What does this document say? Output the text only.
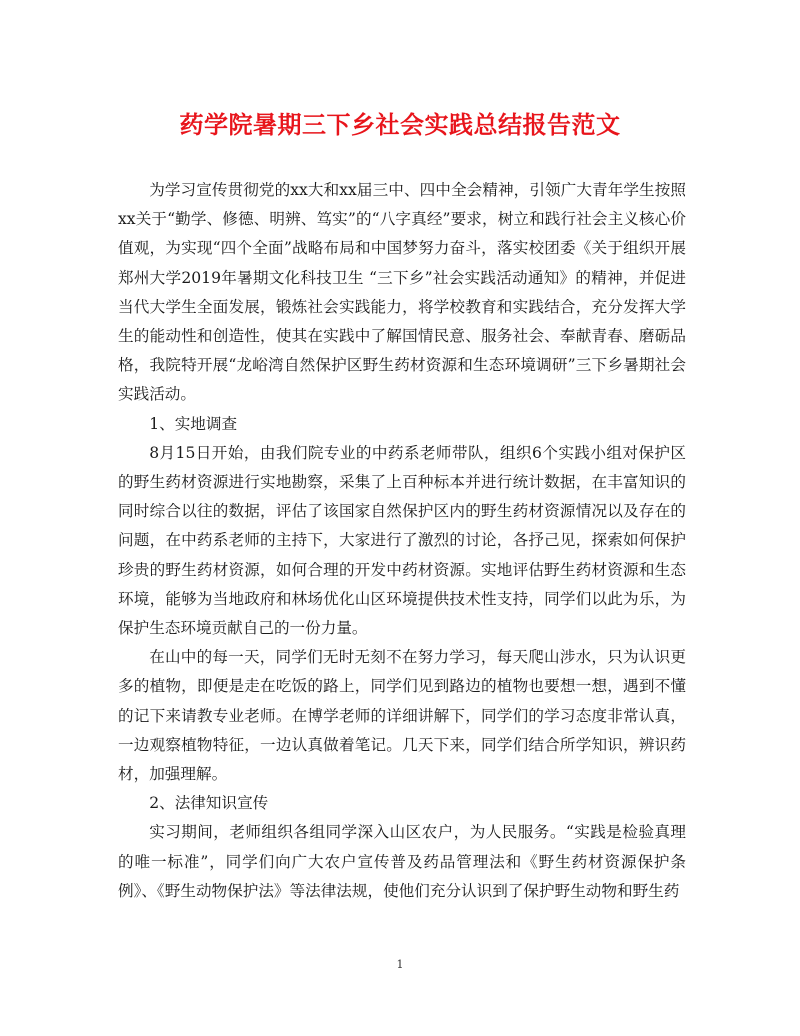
药学院暑期三下乡社会实践总结报告范文

为学习宣传贯彻党的xx大和xx届三中、四中全会精神，引领广大青年学生按照xx关于“勤学、修德、明辨、笃实”的“八字真经”要求，树立和践行社会主义核心价值观，为实现“四个全面”战略布局和中国梦努力奋斗，落实校团委《关于组织开展郑州大学2019年暑期文化科技卫生 “三下乡”社会实践活动通知》的精神，并促进当代大学生全面发展，锻炼社会实践能力，将学校教育和实践结合，充分发挥大学生的能动性和创造性，使其在实践中了解国情民意、服务社会、奉献青春、磨砺品格，我院特开展“龙峪湾自然保护区野生药材资源和生态环境调研”三下乡暑期社会实践活动。

1、实地调查

8月15日开始，由我们院专业的中药系老师带队，组织6个实践小组对保护区的野生药材资源进行实地勘察，采集了上百种标本并进行统计数据，在丰富知识的同时综合以往的数据，评估了该国家自然保护区内的野生药材资源情况以及存在的问题，在中药系老师的主持下，大家进行了激烈的讨论，各抒己见，探索如何保护珍贵的野生药材资源，如何合理的开发中药材资源。实地评估野生药材资源和生态环境，能够为当地政府和林场优化山区环境提供技术性支持，同学们以此为乐，为保护生态环境贡献自己的一份力量。

在山中的每一天，同学们无时无刻不在努力学习，每天爬山涉水，只为认识更多的植物，即便是走在吃饭的路上，同学们见到路边的植物也要想一想，遇到不懂的记下来请教专业老师。在博学老师的详细讲解下，同学们的学习态度非常认真，一边观察植物特征，一边认真做着笔记。几天下来，同学们结合所学知识，辨识药材，加强理解。

2、法律知识宣传

实习期间，老师组织各组同学深入山区农户，为人民服务。“实践是检验真理的唯一标准”，同学们向广大农户宣传普及药品管理法和《野生药材资源保护条例》、《野生动物保护法》等法律法规，使他们充分认识到了保护野生动物和野生药

1
